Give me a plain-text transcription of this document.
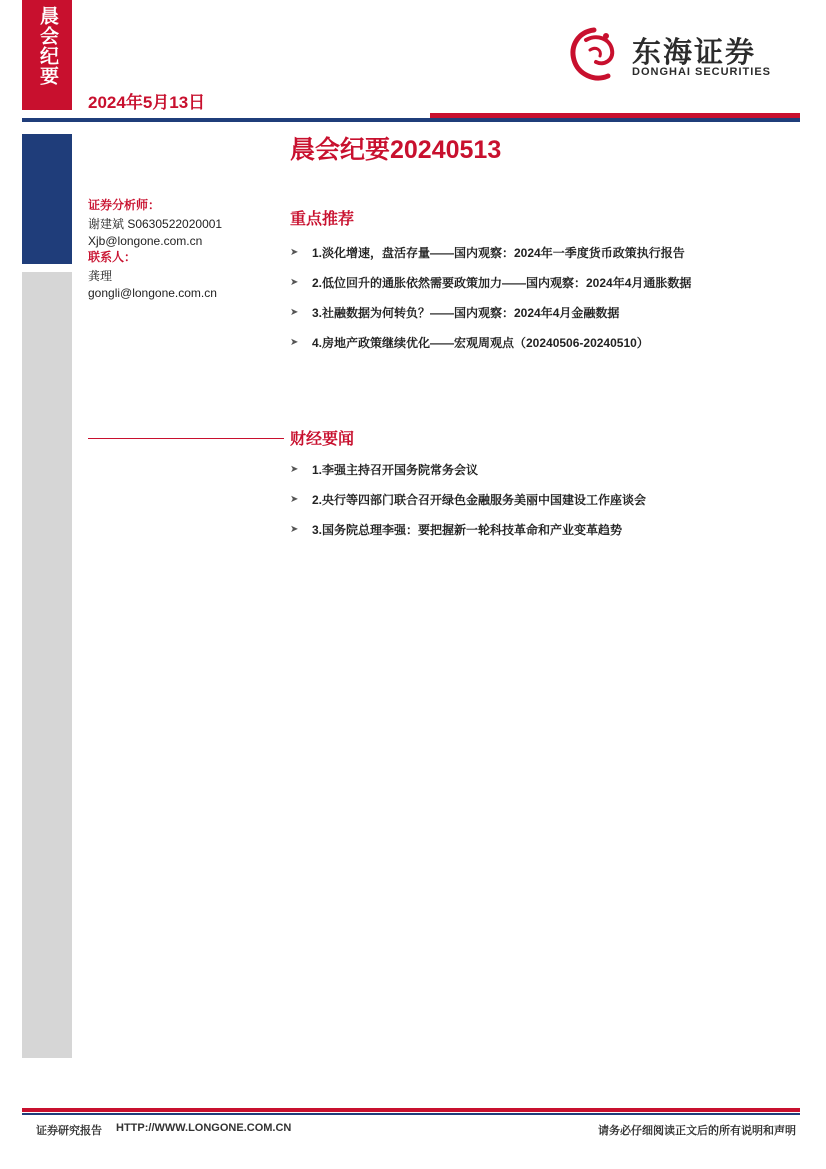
晨会纪要
2024年5月13日
东海证券
DONGHAI SECURITIES
晨会纪要20240513
证券分析师：
谢建斌 S0630522020001
Xjb@longone.com.cn
联系人：
龚理
gongli@longone.com.cn
重点推荐
➤	1.淡化增速，盘活存量——国内观察：2024年一季度货币政策执行报告
➤	2.低位回升的通胀依然需要政策加力——国内观察：2024年4月通胀数据
➤	3.社融数据为何转负？——国内观察：2024年4月金融数据
➤	4.房地产政策继续优化——宏观周观点（20240506-20240510）
财经要闻
➤	1.李强主持召开国务院常务会议
➤	2.央行等四部门联合召开绿色金融服务美丽中国建设工作座谈会
➤	3.国务院总理李强：要把握新一轮科技革命和产业变革趋势
证券研究报告 HTTP://WWW.LONGONE.COM.CN	请务必仔细阅读正文后的所有说明和声明
